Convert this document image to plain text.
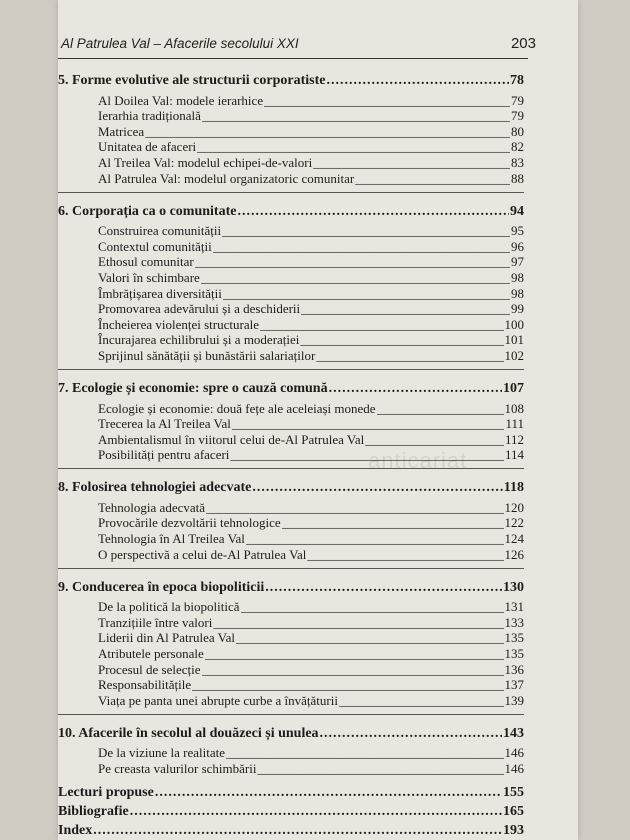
Al Patrulea Val – Afacerile secolului XXI	203
anticariat
5. Forme evolutive ale structurii corporatiste .....	78
Al Doilea Val: modele ierarhice _____	79
Ierarhia tradițională _____	79
Matricea _____	80
Unitatea de afaceri _____	82
Al Treilea Val: modelul echipei-de-valori _____	83
Al Patrulea Val: modelul organizatoric comunitar _____	88
6. Corporația ca o comunitate .....	94
Construirea comunității _____	95
Contextul comunității _____	96
Ethosul comunitar _____	97
Valori în schimbare _____	98
Îmbrățișarea diversității _____	98
Promovarea adevărului și a deschiderii _____	99
Încheierea violenței structurale _____	100
Încurajarea echilibrului și a moderației _____	101
Sprijinul sănătății și bunăstării salariaților _____	102
7. Ecologie și economie: spre o cauză comună .....	107
Ecologie și economie: două fețe ale aceleiași monede _____	108
Trecerea la Al Treilea Val _____	111
Ambientalismul în viitorul celui de-Al Patrulea Val _____	112
Posibilități pentru afaceri _____	114
8. Folosirea tehnologiei adecvate .....	118
Tehnologia adecvată _____	120
Provocările dezvoltării tehnologice _____	122
Tehnologia în Al Treilea Val _____	124
O perspectivă a celui de-Al Patrulea Val _____	126
9. Conducerea în epoca biopoliticii .....	130
De la politică la biopolitică _____	131
Tranzițiile între valori _____	133
Liderii din Al Patrulea Val _____	135
Atributele personale _____	135
Procesul de selecție _____	136
Responsabilitățile _____	137
Viața pe panta unei abrupte curbe a învățăturii _____	139
10. Afacerile în secolul al douăzeci și unulea .....	143
De la viziune la realitate _____	146
Pe creasta valurilor schimbării _____	146
Lecturi propuse .....	155
Bibliografie .....	165
Index .....	193
